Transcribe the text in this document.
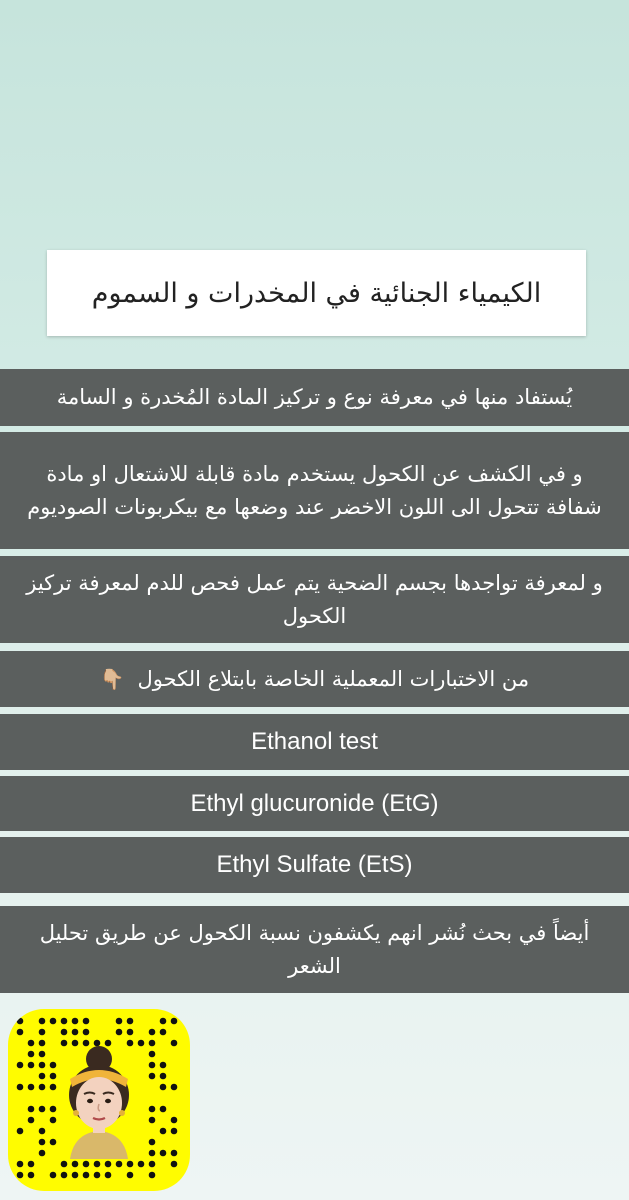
الكيمياء الجنائية في المخدرات و السموم
يُستفاد منها في معرفة نوع و تركيز المادة المُخدرة و السامة
و في الكشف عن الكحول يستخدم مادة قابلة للاشتعال او مادة شفافة تتحول الى اللون الاخضر عند وضعها مع بيكربونات الصوديوم
و لمعرفة تواجدها بجسم الضحية يتم عمل فحص للدم لمعرفة تركيز الكحول
من الاختبارات المعملية الخاصة بابتلاع الكحول 👇🏼
Ethanol test
Ethyl glucuronide (EtG)
Ethyl Sulfate (EtS)
أيضاً في بحث نُشر انهم يكشفون نسبة الكحول عن طريق تحليل الشعر
